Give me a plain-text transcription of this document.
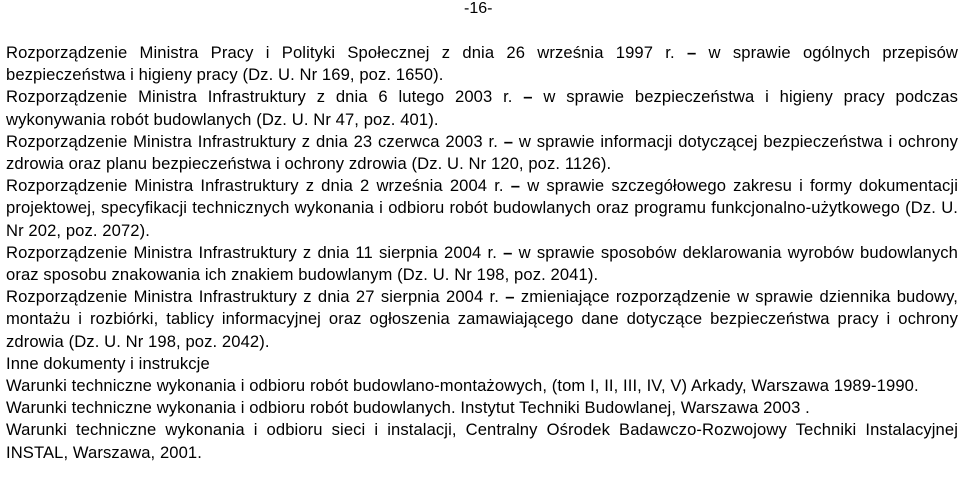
-16-

Rozporządzenie Ministra Pracy i Polityki Społecznej z dnia 26 września 1997 r. – w sprawie ogólnych przepisów bezpieczeństwa i higieny pracy (Dz. U. Nr 169, poz. 1650).

Rozporządzenie Ministra Infrastruktury z dnia 6 lutego 2003 r. – w sprawie bezpieczeństwa i higieny pracy podczas wykonywania robót budowlanych (Dz. U. Nr 47, poz. 401).

Rozporządzenie Ministra Infrastruktury z dnia 23 czerwca 2003 r. – w sprawie informacji dotyczącej bezpieczeństwa i ochrony zdrowia oraz planu bezpieczeństwa i ochrony zdrowia (Dz. U. Nr 120, poz. 1126).

Rozporządzenie Ministra Infrastruktury z dnia 2 września 2004 r. – w sprawie szczegółowego zakresu i formy dokumentacji projektowej, specyfikacji technicznych wykonania i odbioru robót budowlanych oraz programu funkcjonalno-użytkowego (Dz. U. Nr 202, poz. 2072).

Rozporządzenie Ministra Infrastruktury z dnia 11 sierpnia 2004 r. – w sprawie sposobów deklarowania wyrobów budowlanych oraz sposobu znakowania ich znakiem budowlanym (Dz. U. Nr 198, poz. 2041).

Rozporządzenie Ministra Infrastruktury z dnia 27 sierpnia 2004 r. – zmieniające rozporządzenie w sprawie dziennika budowy, montażu i rozbiórki, tablicy informacyjnej oraz ogłoszenia zamawiającego dane dotyczące bezpieczeństwa pracy i ochrony zdrowia (Dz. U. Nr 198, poz. 2042).

Inne dokumenty i instrukcje

Warunki techniczne wykonania i odbioru robót budowlano-montażowych, (tom I, II, III, IV, V) Arkady, Warszawa 1989-1990.

Warunki techniczne wykonania i odbioru robót budowlanych. Instytut Techniki Budowlanej, Warszawa 2003 .

Warunki techniczne wykonania i odbioru sieci i instalacji, Centralny Ośrodek Badawczo-Rozwojowy Techniki Instalacyjnej INSTAL, Warszawa, 2001.
